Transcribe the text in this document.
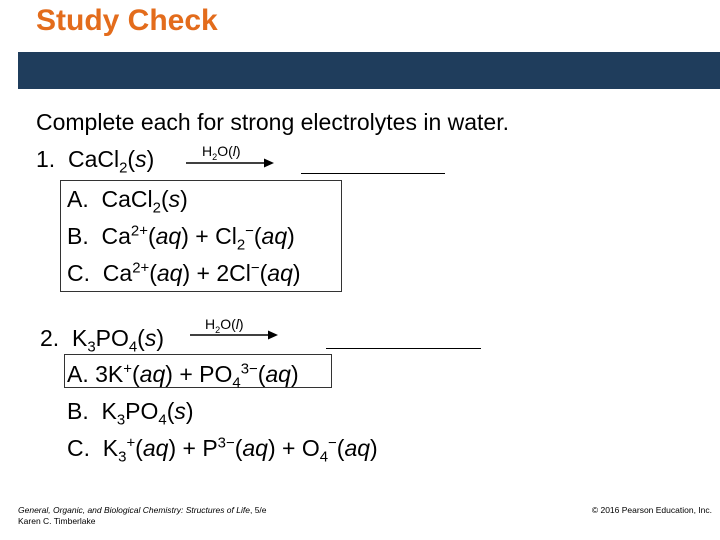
Study Check
Complete each for strong electrolytes in water.
1. CaCl$_2$(s)	$H_2O(l)$
A. CaCl$_2$(s)
B. $Ca^{2+}(aq) + Cl_2^-(aq)$
C. $Ca^{2+}(aq) + 2Cl^-(aq)$
2. $K_3PO_4(s)$
$H_2O(l)$
A. $3K^+(aq) + PO_4^{3-}(aq)$
B. $K_3PO_4(s)$
C. $K_3^+(aq) + P^{3-}(aq) + O_4^-(aq)$
General, Organic, and Biological Chemistry: Structures of Life, 5/e
Karen C. Timberlake
© 2016 Pearson Education, Inc.
